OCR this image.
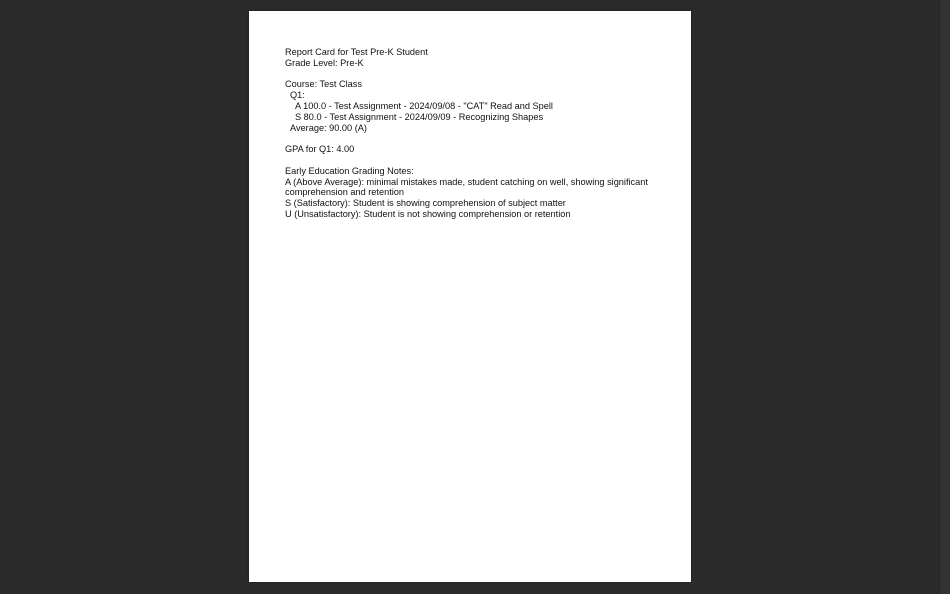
Report Card for Test Pre-K Student

Grade Level: Pre-K

Course: Test Class

Q1:

A 100.0 - Test Assignment - 2024/09/08 - "CAT" Read and Spell

S 80.0 - Test Assignment - 2024/09/09 - Recognizing Shapes

Average: 90.00 (A)

GPA for Q1: 4.00

Early Education Grading Notes:

A (Above Average): minimal mistakes made, student catching on well, showing significant comprehension and retention

S (Satisfactory): Student is showing comprehension of subject matter

U (Unsatisfactory): Student is not showing comprehension or retention
